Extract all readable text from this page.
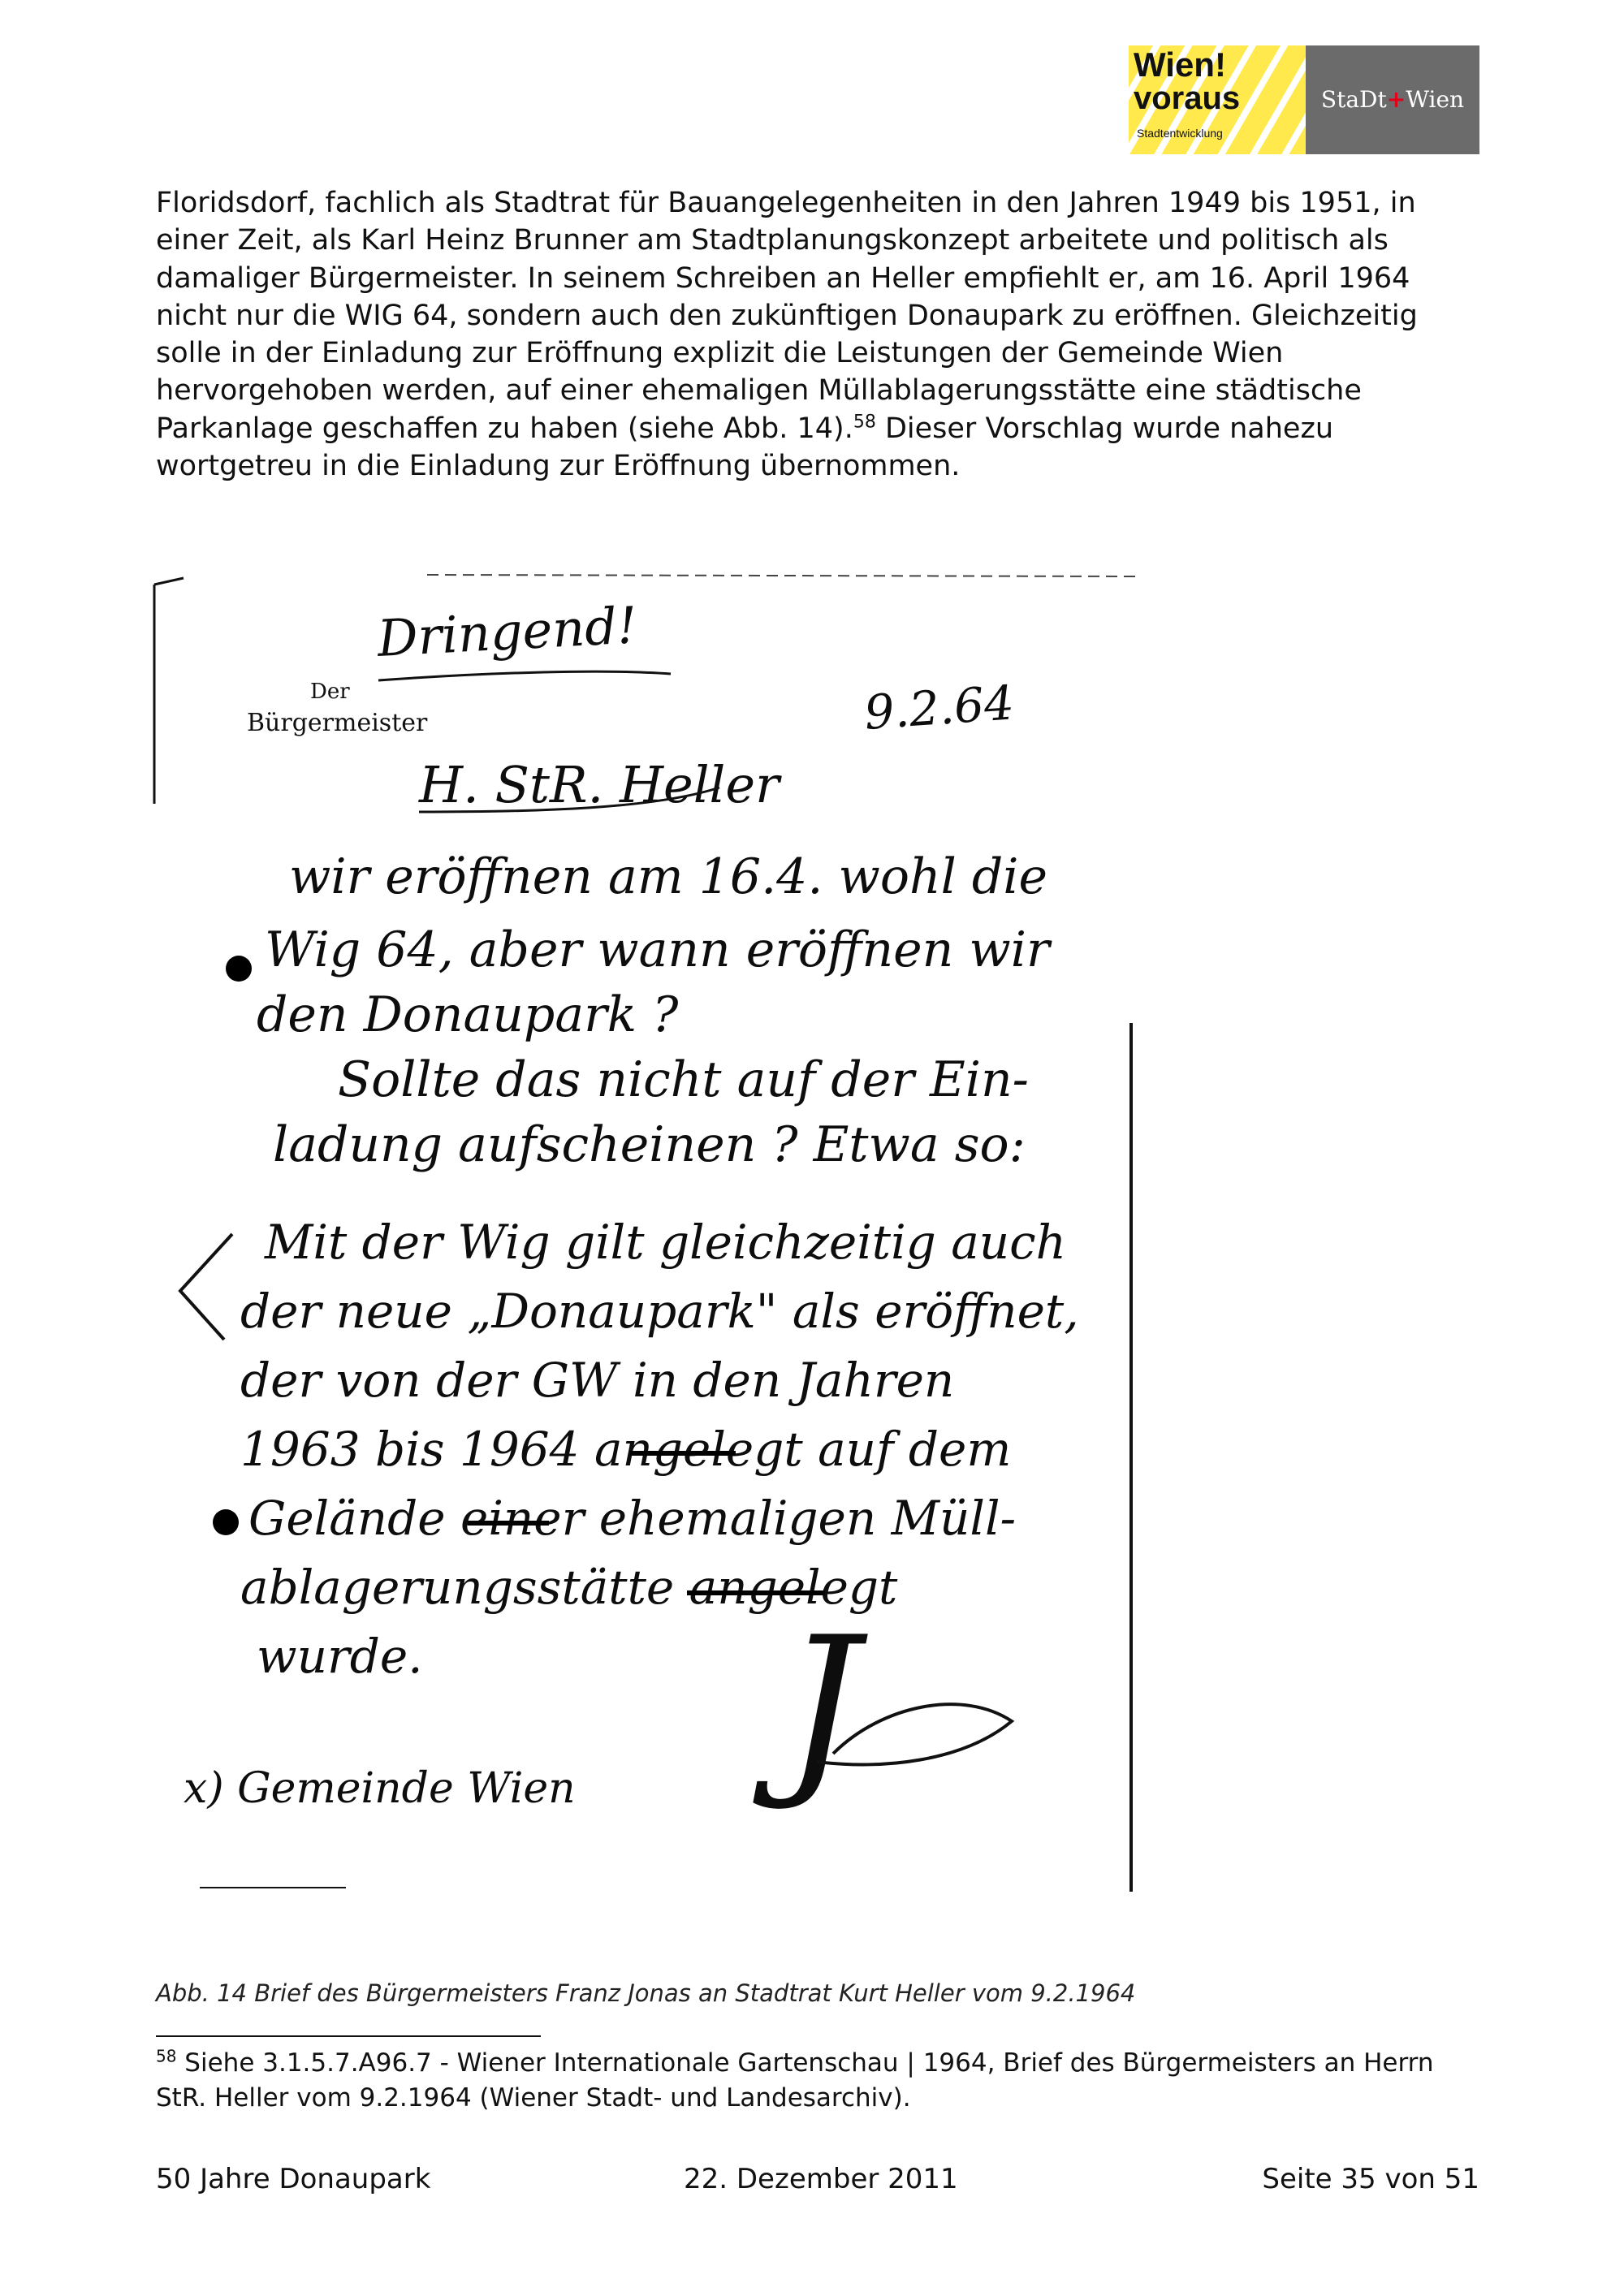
Wien!
voraus
Stadtentwicklung
StaDt+Wien

Floridsdorf, fachlich als Stadtrat für Bauangelegenheiten in den Jahren 1949 bis 1951, in einer Zeit, als Karl Heinz Brunner am Stadtplanungskonzept arbeitete und politisch als damaliger Bürgermeister. In seinem Schreiben an Heller empfiehlt er, am 16. April 1964 nicht nur die WIG 64, sondern auch den zukünftigen Donaupark zu eröffnen. Gleichzeitig solle in der Einladung zur Eröffnung explizit die Leistungen der Gemeinde Wien hervorgehoben werden, auf einer ehemaligen Müllablagerungsstätte eine städtische Parkanlage geschaffen zu haben (siehe Abb. 14).$^{58}$ Dieser Vorschlag wurde nahezu wortgetreu in die Einladung zur Eröffnung übernommen.

Der
Bürgermeister
Dringend!
9.2.64
H. StR. Heller
wir eröffnen am 16.4. wohl die
Wig 64, aber wann eröffnen wir
den Donaupark ?
Sollte das nicht auf der Ein-
ladung aufscheinen ? Etwa so:
Mit der Wig gilt gleichzeitig auch
der neue „Donaupark" als eröffnet,
der von der GW in den Jahren
1963 bis 1964 angelegt auf dem
Gelände einer ehemaligen Müll-
ablagerungsstätte angelegt
wurde.
x) Gemeinde Wien J
Abb. 14 Brief des Bürgermeisters Franz Jonas an Stadtrat Kurt Heller vom 9.2.1964

$^{58}$ Siehe 3.1.5.7.A96.7 - Wiener Internationale Gartenschau | 1964, Brief des Bürgermeisters an Herrn StR. Heller vom 9.2.1964 (Wiener Stadt- und Landesarchiv).

50 Jahre Donaupark	22. Dezember 2011	Seite 35 von 51
